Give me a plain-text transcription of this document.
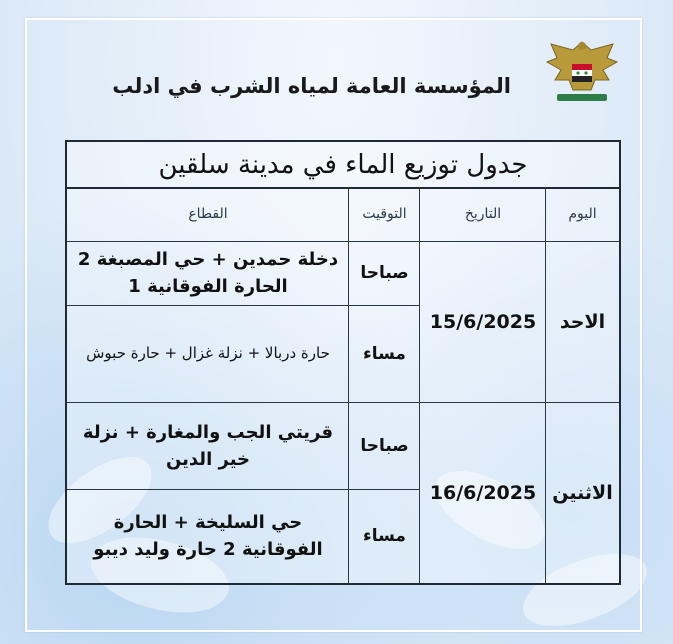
المؤسسة العامة لمياه الشرب في ادلب
جدول توزيع الماء في مدينة سلقين
اليوم
التاريخ
التوقيت
القطاع
الاحد
15/6/2025
صباحا
دخلة حمدين + حي المصبغة 2 الحارة الفوقانية 1
مساء
حارة دربالا + نزلة غزال + حارة حبوش
الاثنين
16/6/2025
صباحا
قريتي الجب والمغارة + نزلة خير الدين
مساء
حي السليخة + الحارة الفوقانية 2 حارة وليد ديبو
